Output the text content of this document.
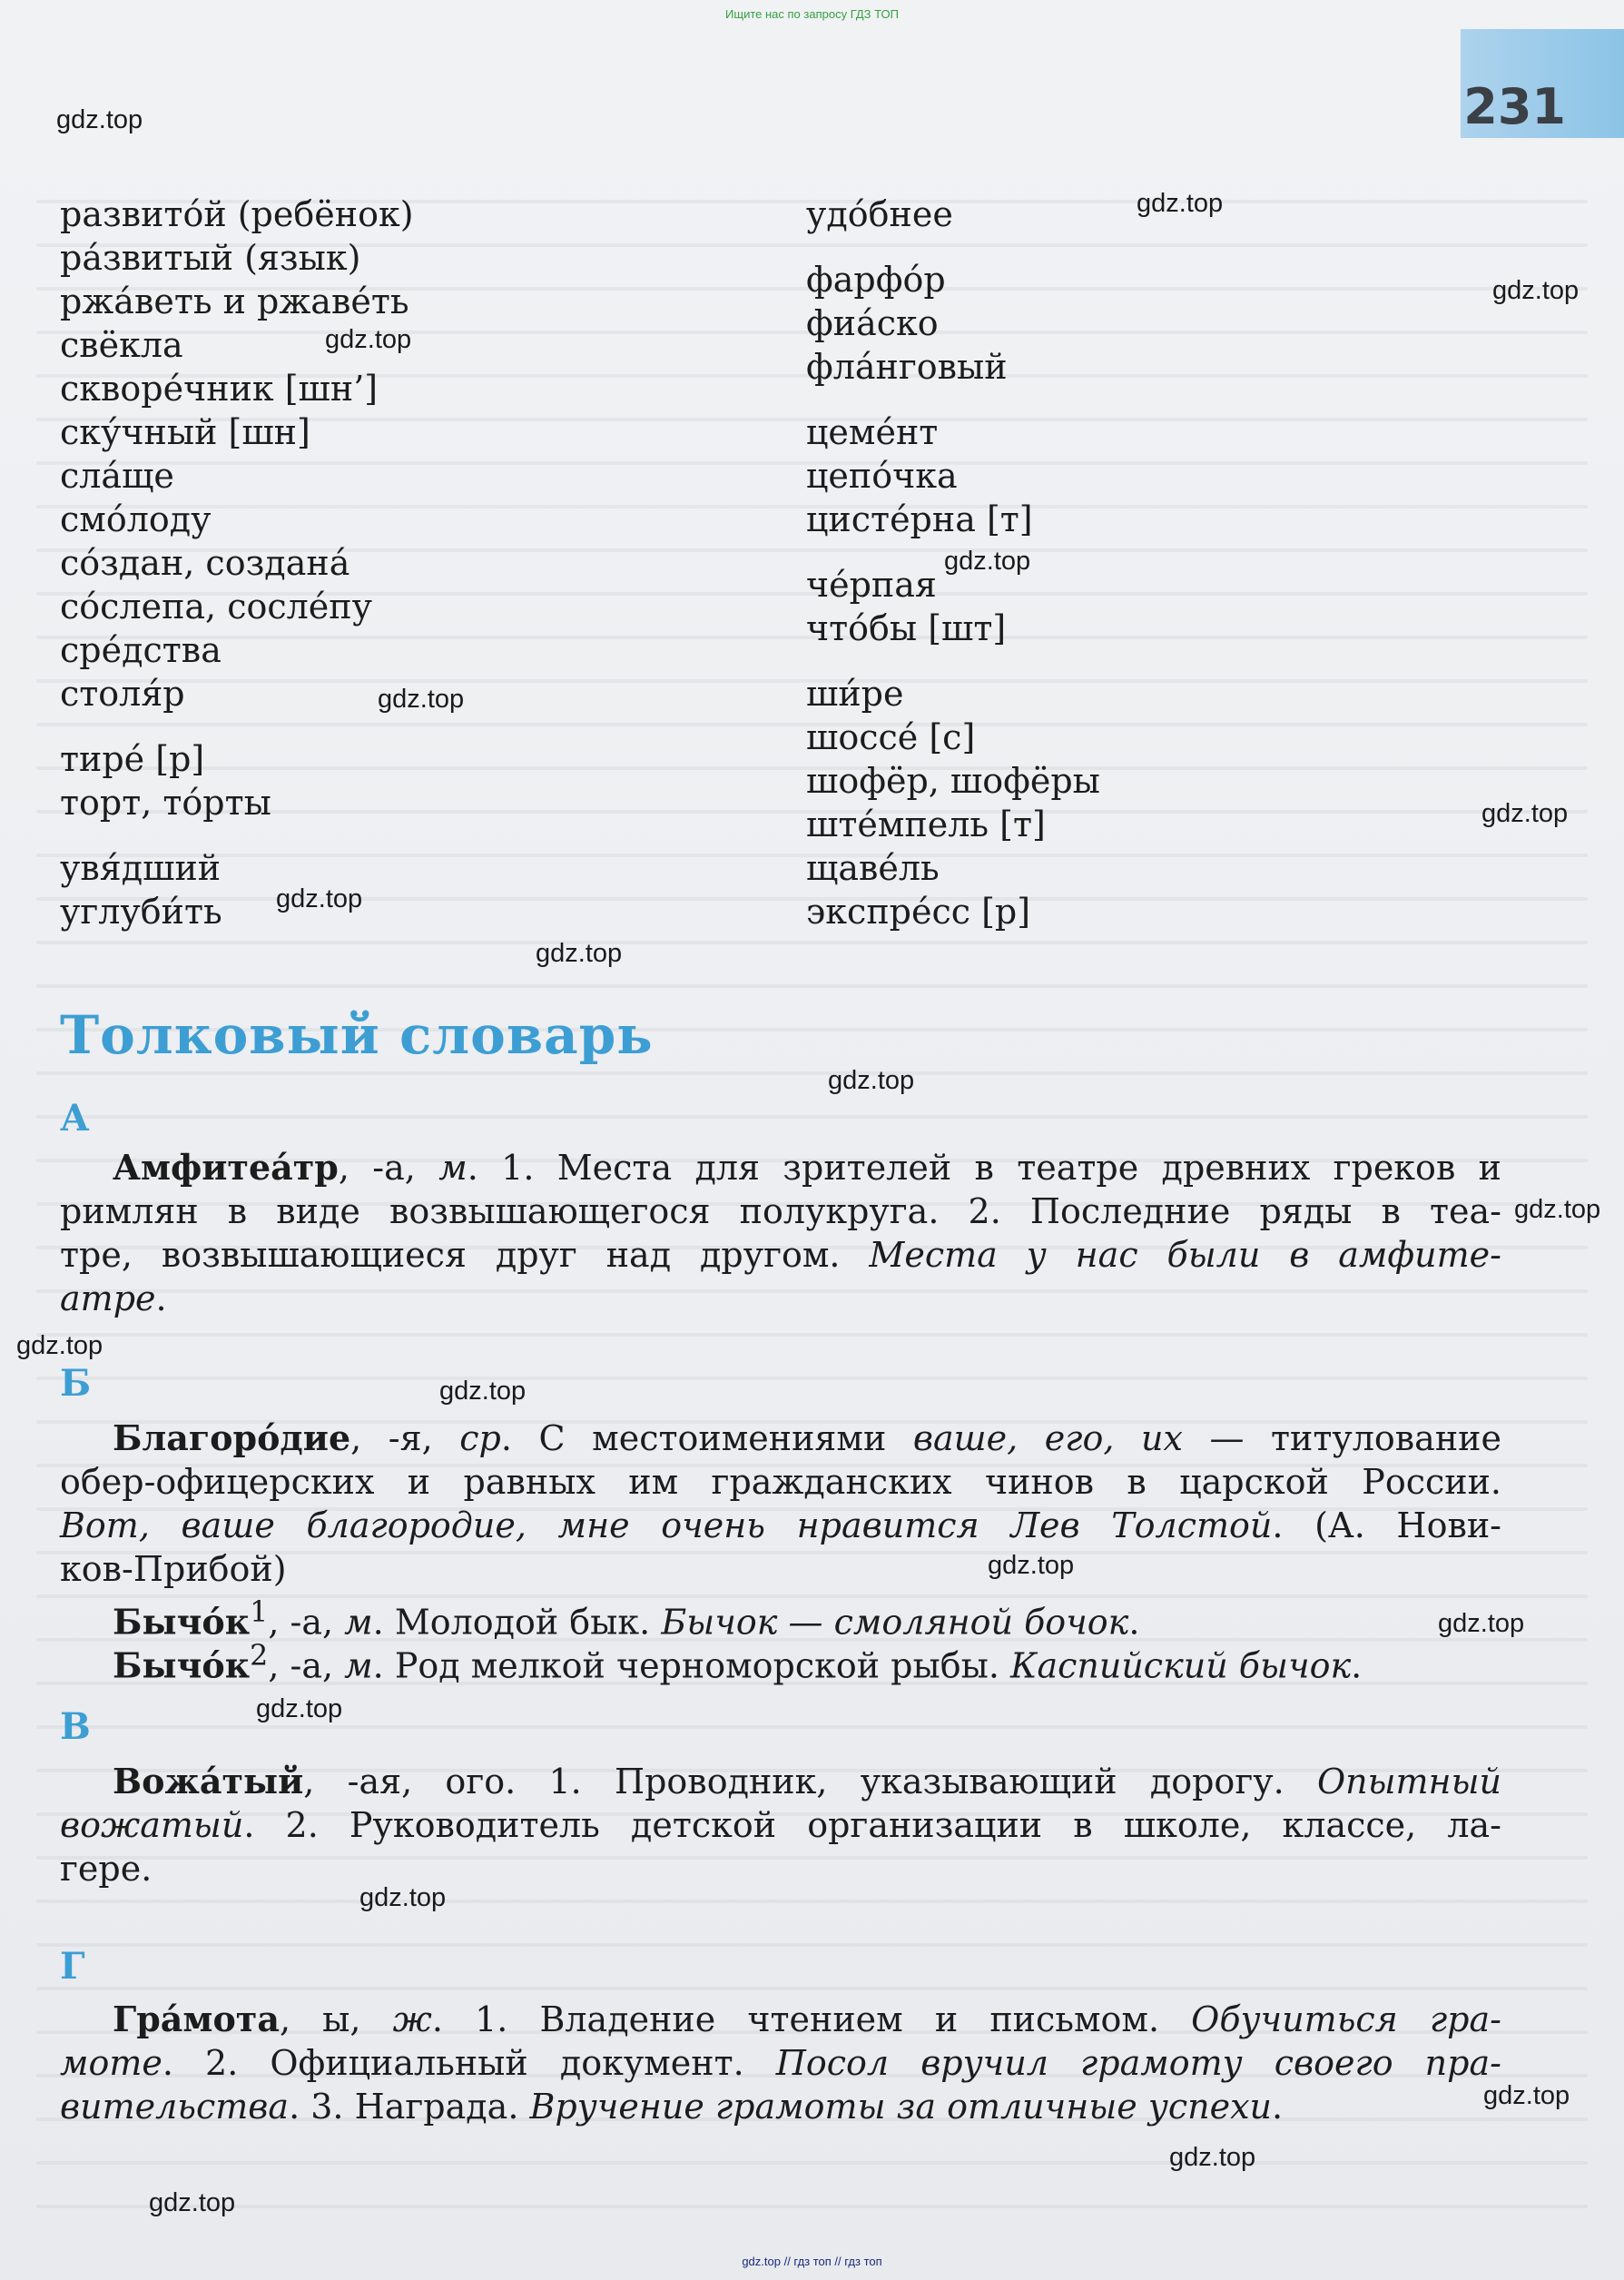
Ищите нас по запросу ГДЗ ТОП
231
gdz.top
gdz.top
gdz.top
gdz.top
gdz.top
gdz.top
gdz.top
gdz.top
gdz.top
gdz.top
gdz.top
gdz.top
gdz.top
gdz.top
gdz.top
gdz.top
gdz.top
gdz.top
gdz.top
gdz.top
развито́й (ребёнок)
ра́звитый (язык)
ржа́веть и ржаве́ть
свёкла
скворе́чник [шн’]
ску́чный [шн]
сла́ще
смо́лоду
со́здан, создана́
со́слепа, сосле́пу
сре́дства
столя́р
тире́ [р]
торт, то́рты
увя́дший
углуби́ть
удо́бнее
фарфо́р
фиа́ско
фла́нговый
цеме́нт
цепо́чка
цисте́рна [т]
че́рпая
что́бы [шт]
ши́ре
шоссе́ [с]
шофёр, шофёры
ште́мпель [т]
щаве́ль
экспре́сс [р]
Толковый словарь
А
Амфитеа́тр, -а, м. 1. Места для зрителей в театре древних греков и
римлян в виде возвышающегося полукруга. 2. Последние ряды в теа-
тре, возвышающиеся друг над другом. Места у нас были в амфите-
атре.
Б
Благоро́дие, -я, ср. С местоимениями ваше, его, их — титулование
обер-офицерских и равных им гражданских чинов в царской России.
Вот, ваше благородие, мне очень нравится Лев Толстой. (А. Нови-
ков-Прибой)
$Бычо́к^1$, -а, м. Молодой бык. Бычок — смоляной бочок.
$Бычо́к^2$, -а, м. Род мелкой черноморской рыбы. Каспийский бычок.
В
Вожа́тый, -ая, ого. 1. Проводник, указывающий дорогу. Опытный
вожатый. 2. Руководитель детской организации в школе, классе, ла-
гере.
Г
Гра́мота, ы, ж. 1. Владение чтением и письмом. Обучиться гра-
моте. 2. Официальный документ. Посол вручил грамоту своего пра-
вительства. 3. Награда. Вручение грамоты за отличные успехи.
gdz.top // гдз топ // гдз топ
